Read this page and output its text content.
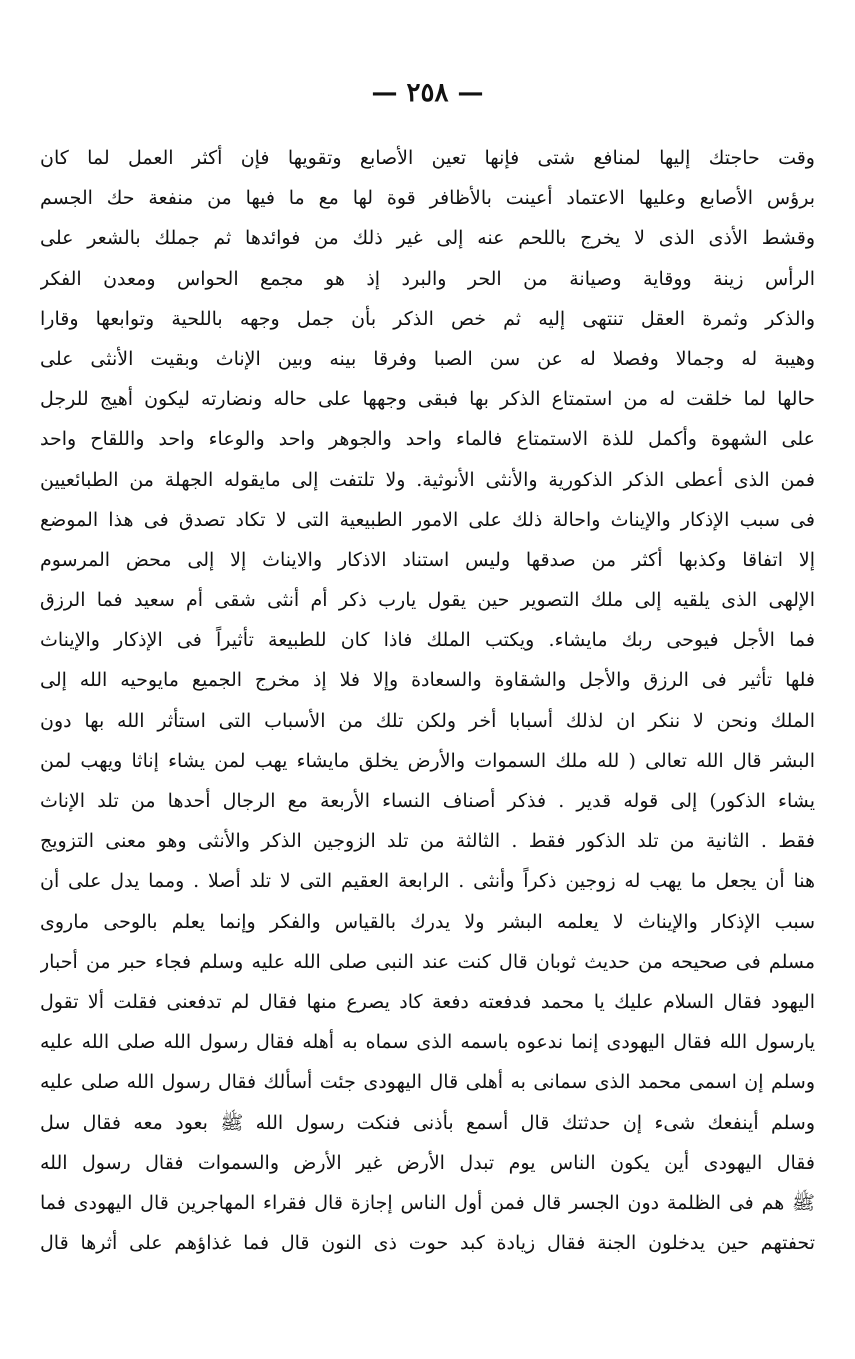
— ٢٥٨ —
وقت حاجتك إليها لمنافع شتى فإنها تعين الأصابع وتقويها فإن أكثر العمل لما كان
برؤس الأصابع وعليها الاعتماد أعينت بالأظافر قوة لها مع ما فيها من منفعة حك الجسم
وقشط الأذى الذى لا يخرج باللحم عنه إلى غير ذلك من فوائدها ثم جملك بالشعر على
الرأس زينة ووقاية وصيانة من الحر والبرد إذ هو مجمع الحواس ومعدن الفكر
والذكر وثمرة العقل تنتهى إليه ثم خص الذكر بأن جمل وجهه باللحية وتوابعها وقارا
وهيبة له وجمالا وفصلا له عن سن الصبا وفرقا بينه وبين الإناث وبقيت الأنثى على
حالها لما خلقت له من استمتاع الذكر بها فبقى وجهها على حاله ونضارته ليكون أهيج للرجل
على الشهوة وأكمل للذة الاستمتاع فالماء واحد والجوهر واحد والوعاء واحد واللقاح واحد
فمن الذى أعطى الذكر الذكورية والأنثى الأنوثية. ولا تلتفت إلى مايقوله الجهلة من الطبائعيين
فى سبب الإذكار والإيناث واحالة ذلك على الامور الطبيعية التى لا تكاد تصدق فى هذا الموضع
إلا اتفاقا وكذبها أكثر من صدقها وليس استناد الاذكار والايناث إلا إلى محض المرسوم
الإلهى الذى يلقيه إلى ملك التصوير حين يقول يارب ذكر أم أنثى شقى أم سعيد فما الرزق
فما الأجل فيوحى ربك مايشاء. ويكتب الملك فاذا كان للطبيعة تأثيراً فى الإذكار والإيناث
فلها تأثير فى الرزق والأجل والشقاوة والسعادة وإلا فلا إذ مخرج الجميع مايوحيه الله إلى
الملك ونحن لا ننكر ان لذلك أسبابا أخر ولكن تلك من الأسباب التى استأثر الله بها دون
البشر قال الله تعالى ( لله ملك السموات والأرض يخلق مايشاء يهب لمن يشاء إناثا ويهب لمن
يشاء الذكور) إلى قوله قدير . فذكر أصناف النساء الأربعة مع الرجال أحدها من تلد الإناث
فقط . الثانية من تلد الذكور فقط . الثالثة من تلد الزوجين الذكر والأنثى وهو معنى التزويج
هنا أن يجعل ما يهب له زوجين ذكراً وأنثى . الرابعة العقيم التى لا تلد أصلا . ومما يدل على أن
سبب الإذكار والإيناث لا يعلمه البشر ولا يدرك بالقياس والفكر وإنما يعلم بالوحى ماروى
مسلم فى صحيحه من حديث ثوبان قال كنت عند النبى صلى الله عليه وسلم فجاء حبر من أحبار
اليهود فقال السلام عليك يا محمد فدفعته دفعة كاد يصرع منها فقال لم تدفعنى فقلت ألا تقول
يارسول الله فقال اليهودى إنما ندعوه باسمه الذى سماه به أهله فقال رسول الله صلى الله عليه
وسلم إن اسمى محمد الذى سمانى به أهلى قال اليهودى جئت أسألك فقال رسول الله صلى عليه
وسلم أينفعك شىء إن حدثتك قال أسمع بأذنى فنكت رسول الله ﷺ بعود معه فقال سل
فقال اليهودى أين يكون الناس يوم تبدل الأرض غير الأرض والسموات فقال رسول الله
ﷺ هم فى الظلمة دون الجسر قال فمن أول الناس إجازة قال فقراء المهاجرين قال اليهودى فما
تحفتهم حين يدخلون الجنة فقال زيادة كبد حوت ذى النون قال فما غذاؤهم على أثرها قال
